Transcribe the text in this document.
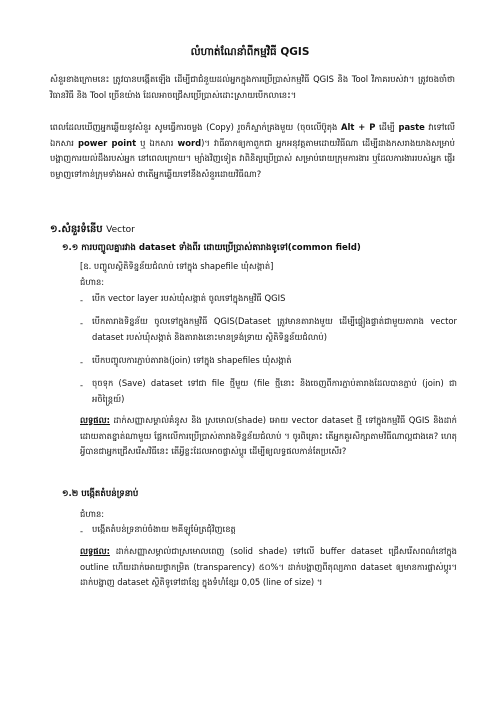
លំហាត់ណែនាំពីកម្មវិធី QGIS
សំនួរខាងក្រោមនេះ ត្រូវបានបង្កើតឡើង ដើម្បីជាជំនួយដល់អ្នកក្នុងការប្រើប្រាស់កម្មវិធី QGIS និង Tool វិភាគរបស់វា។ ត្រូវចងចាំថា វិធានវិធី និង Tool ច្រើនយ៉ាង ដែលអាចជ្រើសប្រើប្រាស់ដោះស្រាយបើកលានេះ។
ពេលដែលឃើញអ្នកឆ្លើយនូវសំនួរ សូមធ្វើការចម្លង (Copy) រួចក៏ស្ទាក់គ្រងមួយ (ចុចលើប៊ូតុង Alt + P ដើម្បី paste វាទៅលើឯកសារ power point ឬ ឯកសារ word)។ វាធីឆាកឲ្យកាពួកជា អ្នកអនុវត្តតាមដោយវិធីណា ដើម្បីដាងកសរាងយាងសម្រាប់បង្ហាញការយល់ដឹងរបស់អ្នក នៅពេលក្រោយ។ ម្យ៉ាងវិញទៀត វាពិនិត្យប្រើប្រាស់ សម្រាប់រោយក្រុមការងារ ឬដែលការងាររបស់អ្នក ផ្ញើរចម្លាញទៅកាន់ក្រុមទាំងអស់ ថាតើអ្នកឆ្លើយទៅនឹងសំនួរដោយវិធីណា?
១.សំនួរទំនើប Vector
១.១ ការបញ្ចូលគ្នារវាង dataset ទាំងពីរ ដោយប្រើប្រាស់តារាងទូទៅ(common field)
[ឧ. បញ្ចូលស្ថិតិទិន្នន័យជំលាប់ ទៅក្នុង shapefile ឃុំសង្កាត់]
ជំហាន:
- បើក vector layer របស់ឃុំសង្កាត់ ចូលទៅក្នុងកម្មវិធី QGIS
- បើកតារាងទិន្នន័យ ចូលទៅក្នុងកម្មវិធី QGIS(Dataset ត្រូវមានតារាងមួយ ដើម្បីផ្ទៀងផ្ទាត់ជាមួយតារាង vector dataset របស់ឃុំសង្កាត់ និងតារាងនោះមានទ្រង់ទ្រាយ ស្ថិតិទិន្នន័យជំលាប់)
- បើកបញ្ចូលការភ្ជាប់តារាង(join) ទៅក្នុង shapefiles ឃុំសង្កាត់
- ចុចទុក (Save) dataset ទៅជា file ថ្មីមួយ (file ថ្មីនោះ និងចេញពីការភ្ជាប់តារាងដែលបានភ្ជាប់ (join) ជាអចិន្ត្រៃយ៍)
លទ្ធផល: ដាក់សញ្ញាសម្គាល់គំនូស និង ស្រមោល(shade) អោយ vector dataset ថ្មី ទៅក្នុងកម្មវិធី QGIS និងដាក់ ដោយតាតខ្នាត់ណាមួយ ផ្អែកលើការប្រើប្រាស់តារាងទិន្នន័យជំលាប់ ។ ចូរពិគ្រោះ តើអ្នកគួរសិក្សាតាមវិធីណាល្អជាងគេ? ហេតុអ្វីបានជាអ្នកជ្រើសរើសវិធីនេះ តើអ្វីខ្លះដែលអាចផ្លាស់ប្តូរ ដើម្បីឲ្យលទ្ធផលកាន់តែប្រសើរ?
១.២ បង្កើតតំបន់ទ្រនាប់
ជំហាន:
- បង្កើតតំបន់ទ្រនាប់ចំងាយ ២គីឡូម៉ែត្រជុំវិញខេត្ត
លទ្ធផល: ដាក់សញ្ញាសម្គាល់ជាស្រមោលពេញ (solid shade) ទៅលើ buffer dataset ជ្រើសរើសពណ៌នៅក្នុង outline ហើយដាក់អោយថ្លាកម្រិត (transparency) ៥០%។ ដាក់បង្ហាញពីតុល្យភាព dataset ឲ្យមានការផ្លាស់ប្តូរ។ ដាក់បង្ហាញ dataset ស្ថិតិទូទៅជាខ្សែ ក្នុងទំហំខ្សែរ 0,05 (line of size) ។
